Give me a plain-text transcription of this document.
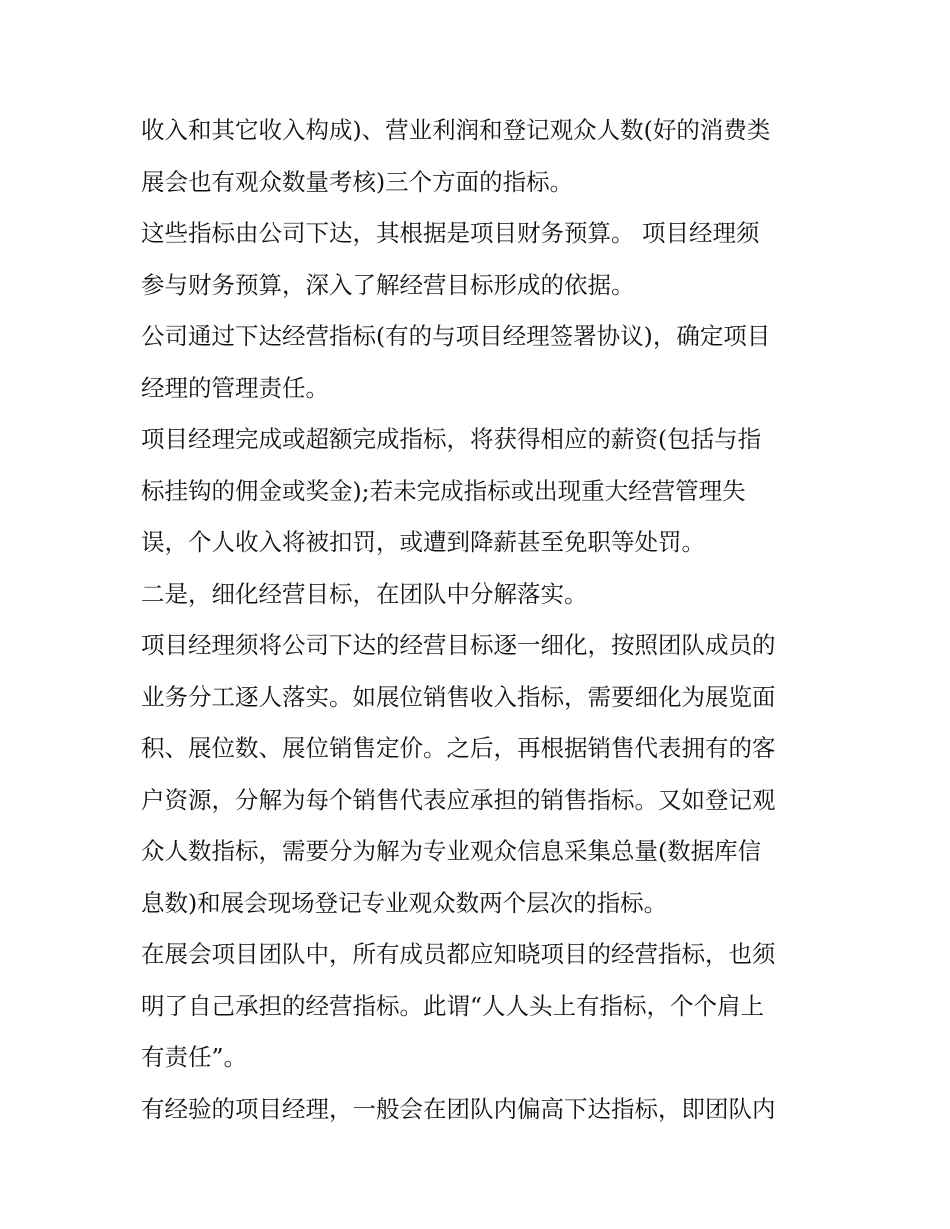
收入和其它收入构成)、营业利润和登记观众人数(好的消费类
展会也有观众数量考核)三个方面的指标。
这些指标由公司下达，其根据是项目财务预算。 项目经理须
参与财务预算，深入了解经营目标形成的依据。
公司通过下达经营指标(有的与项目经理签署协议)，确定项目
经理的管理责任。
项目经理完成或超额完成指标，将获得相应的薪资(包括与指
标挂钩的佣金或奖金);若未完成指标或出现重大经营管理失
误，个人收入将被扣罚，或遭到降薪甚至免职等处罚。
二是，细化经营目标，在团队中分解落实。
项目经理须将公司下达的经营目标逐一细化，按照团队成员的
业务分工逐人落实。如展位销售收入指标，需要细化为展览面
积、展位数、展位销售定价。之后，再根据销售代表拥有的客
户资源，分解为每个销售代表应承担的销售指标。又如登记观
众人数指标，需要分为解为专业观众信息采集总量(数据库信
息数)和展会现场登记专业观众数两个层次的指标。
在展会项目团队中，所有成员都应知晓项目的经营指标，也须
明了自己承担的经营指标。此谓“人人头上有指标，个个肩上
有责任”。
有经验的项目经理，一般会在团队内偏高下达指标，即团队内
